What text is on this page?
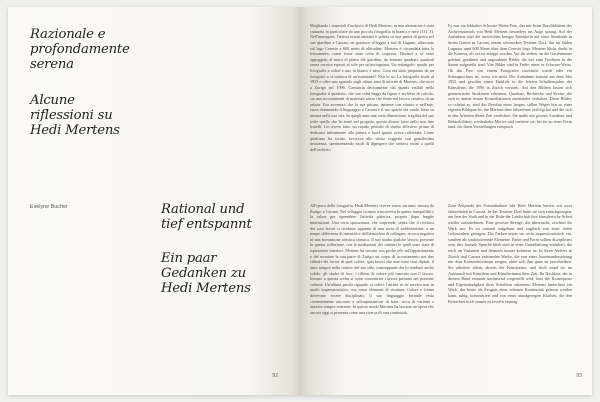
Razionale e
profondamente
serena
Alcune
riflessioni su
Hedi Mertens
Evelyne Bucher	Rational und
tief entspannt
Ein paar
Gedanken zu
Hedi Mertens
92

Mogliando i materiali d'archivio di Hedi Mertens, in mia attenzione è stata catturata in particolare da una piccola fotografia in bianco e nero (111. 1). Nell'immagine, l'artista ormai anziana è seduta su una panca di pietra nel suo giardino a Carona; un graziosa villaggio a sud di Lugano, affacciato sul lago Ceresio a 600 metri di altitudine. Mertens è circondata tutta la fotocamera, come fosse stata colta di sorpresa. Davanti a sé sono appoggiati al muro di pietra del giardino, da fermare quadrati, quadrati senza cornice esposti al sole per un'asciugatura. Un rettangolo: quadri per fotografie a colori e uno in bianco e nero. Cosa era stato preparato da un fotografo o si trattava di un'istantanea? Non lo so. La fotografia risale al 1955 e offre uno sguardo sugli ultimi anni di attività di Mertens, che morì a Zurigo nel 1996. Comincia decisamente dai quadri visibili nella fotografia il quadrato, che sua volta haggi da figura e archivio di calcolo, sia una accostamenti di materiali senza che finire nel lavoro creativo di un artista. Era avvenuto che la sua pittura, insieme con ritratto e nell'arte, stava dominando il linguaggio a Carona e il suo spazio era vitale, forse su misura nella sua vita. In quegli anni una certa dimensione, fragilità del suo ovile quello che lei tentò nel progetto, questo alcune forse nello non fine fratelli. Lei aveva fatto un rapido periodo di studio all'estero prima di dedicarsi interamente alla pittura e fuori spazio aveva rafforzata. Come qualcuno ha scritto, lavorava allo stesso soggetto con grandissima insistenza, sperimentando modi di dipingere che sentiva vicini a quelli dell'archivio.

All'epoca della fotografia, Hedi Mertens viveva senza vacanze, ancora da Zurigo a Carona. Nel villaggio ticinese trascorreva la quiete tranquillità e la calma per riprendere l'attività pittorica, proprio dopo lunghe interruzioni. Una certa sprezzatura, che sorprende, senza che il rivelarsi dei suoi lavori si rivelasse appunto di una sorta di soddisfazione: a un tempo differenza di intensità e dell'atmosfera di collegare, ricerca negativa in una formazione artistica classica. Il suo studio qualche lavoro, presente in questa collezione, con le mediazioni dei cantieri le quali sono state di ispirazione interiori. Mertens ha trovato con poche tele nell'appartamento e del montare la sua parte di Zurigo un corpo di accostamento nei due cilindri dei lavori di quel colore, quei lavori che non sono stati dipinti, il tutto sempre nella cornice del suo stile, contrappunti che lo rendono anche solido: gli sbalzi di luce, i riflessi di colore più marcato con il lavoro. Intorno a questa scelta si sono concentrati i lavori presenti nel presente volume. Un'ultima parola riguardo ai colori: l'artista se ne serviva non in modo impressionistico, ma come elementi di struttura. Colore e forma dovevano essere disciplinati; il suo linguaggio formale resta costantemente ancorato a un'impostazione di base, ricca di varianti e tuttavia sempre coerente. In questo modo Mertens ha lasciato un'opera che ancora oggi si presenta come una ricerca di rara continuità.

Es war ein lebhaftes Schwarz-Weiss-Foto, das mir beim Durchblättern des Archivmaterials von Hedi Mertens besonders ins Auge sprang. Auf der Aufnahme sitzt die inzwischen betagte Künstlerin auf einer Steinbank in ihrem Garten in Carona, einem schmucken Tessiner Dorf, das im Süden Luganos rund 600 Meter über dem Ceresio liegt. Mertens blickt direkt in die Kamera, als sei sie ertappt worden. Vor ihr stehen, an die Gartenmauer gelehnt, gerahmte und ungerahmte Bilder, die wie zum Trocknen in der Sonne aufgereiht sind. Vier Bilder sind in Farbe, eines in Schwarz-Weiss. Ob das Foto von einem Fotografen inszeniert wurde oder ein Schnappschuss ist, weiss ich nicht. Die Aufnahme stammt aus dem Jahr 1955 und gewährt einen Einblick in die letzten Schaffensjahre der Künstlerin, die 1996 in Zürich verstarb. Auf den Bildern lassen sich geometrische Strukturen erkennen, Quadrate, Rechtecke und Kreise, die sich in immer neuen Konstellationen zueinander verhalten. Diese Bilder, so scheint es, sind das Resultat eines langen, stillen Weges hin zu einer eigenen Bildsprache, die Mertens über Jahrzehnte verfolgt hat und die sich in den Arbeiten dieser Zeit verdichtet. Sie malte mit grosser Ausdauer und Beharrlichkeit, wiederholte Motive und variierte sie, bis sie zu einer Form fand, die ihren Vorstellungen entsprach.

Zum Zeitpunkt der Fotoaufnahme lebt Hedi Mertens bereits seit zwei Jahrzehnten in Carona. In das Tessiner Dorf hatte sie sich zurückgezogen, um fern der Stadt und in der Ruhe der Landschaft ihre künstlerische Arbeit wieder aufzunehmen. Eine gewisse Strenge, die überrascht, zeichnet ihr Werk aus: Es ist rational aufgebaut und zugleich von einer tiefen Gelassenheit getragen. Die Farben setzte sie nicht impressionistisch ein, sondern als strukturierende Elemente. Farbe und Form sollten diszipliniert sein, ihre formale Sprache blieb stets in einer Grundhaltung verankert, die reich an Varianten und dennoch immer kohärent ist. In ihren Ateliers in Zürich und Carona entstanden Werke, die von einer Auseinandersetzung mit dem Konstruktivismus zeugen, ohne sich ihm ganz zu verschreiben. Sie arbeitete allein, abseits der Kunstszene, und doch stand sie im Austausch mit Künstlern und Künstlerinnen ihrer Zeit. Ihr Nachlass, der in diesem Band erstmals umfassend vorgestellt wird, lässt die Konsequenz und Eigenständigkeit ihres Schaffens erkennen. Mertens hinterliess ein Werk, das heute als Zeugnis einer seltenen Kontinuität gelesen werden kann, ruhig, konzentriert und von einer unaufgeregten Klarheit, die den Betrachter noch immer zu fesseln vermag.

93
